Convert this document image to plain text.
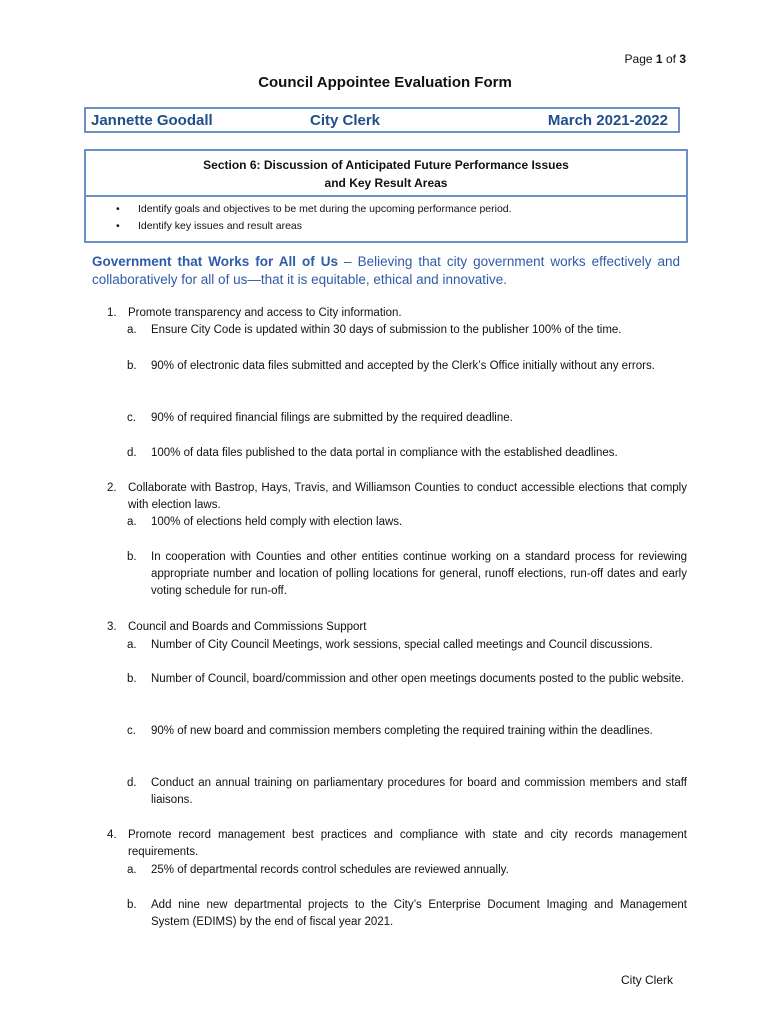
Page 1 of 3
Council Appointee Evaluation Form
Jannette Goodall	City Clerk	March 2021-2022
Section 6: Discussion of Anticipated Future Performance Issues
and Key Result Areas
• Identify goals and objectives to be met during the upcoming performance period.
• Identify key issues and result areas
Government that Works for All of Us – Believing that city government works effectively and collaboratively for all of us—that it is equitable, ethical and innovative.
1. Promote transparency and access to City information.
a. Ensure City Code is updated within 30 days of submission to the publisher 100% of the time.
b. 90% of electronic data files submitted and accepted by the Clerk’s Office initially without any errors.
c. 90% of required financial filings are submitted by the required deadline.
d. 100% of data files published to the data portal in compliance with the established deadlines.
2. Collaborate with Bastrop, Hays, Travis, and Williamson Counties to conduct accessible elections that comply with election laws.
a. 100% of elections held comply with election laws.
b. In cooperation with Counties and other entities continue working on a standard process for reviewing appropriate number and location of polling locations for general, runoff elections, run-off dates and early voting schedule for run-off.
3. Council and Boards and Commissions Support
a. Number of City Council Meetings, work sessions, special called meetings and Council discussions.
b. Number of Council, board/commission and other open meetings documents posted to the public website.
c. 90% of new board and commission members completing the required training within the deadlines.
d. Conduct an annual training on parliamentary procedures for board and commission members and staff liaisons.
4. Promote record management best practices and compliance with state and city records management requirements.
a. 25% of departmental records control schedules are reviewed annually.
b. Add nine new departmental projects to the City’s Enterprise Document Imaging and Management System (EDIMS) by the end of fiscal year 2021.
City Clerk
